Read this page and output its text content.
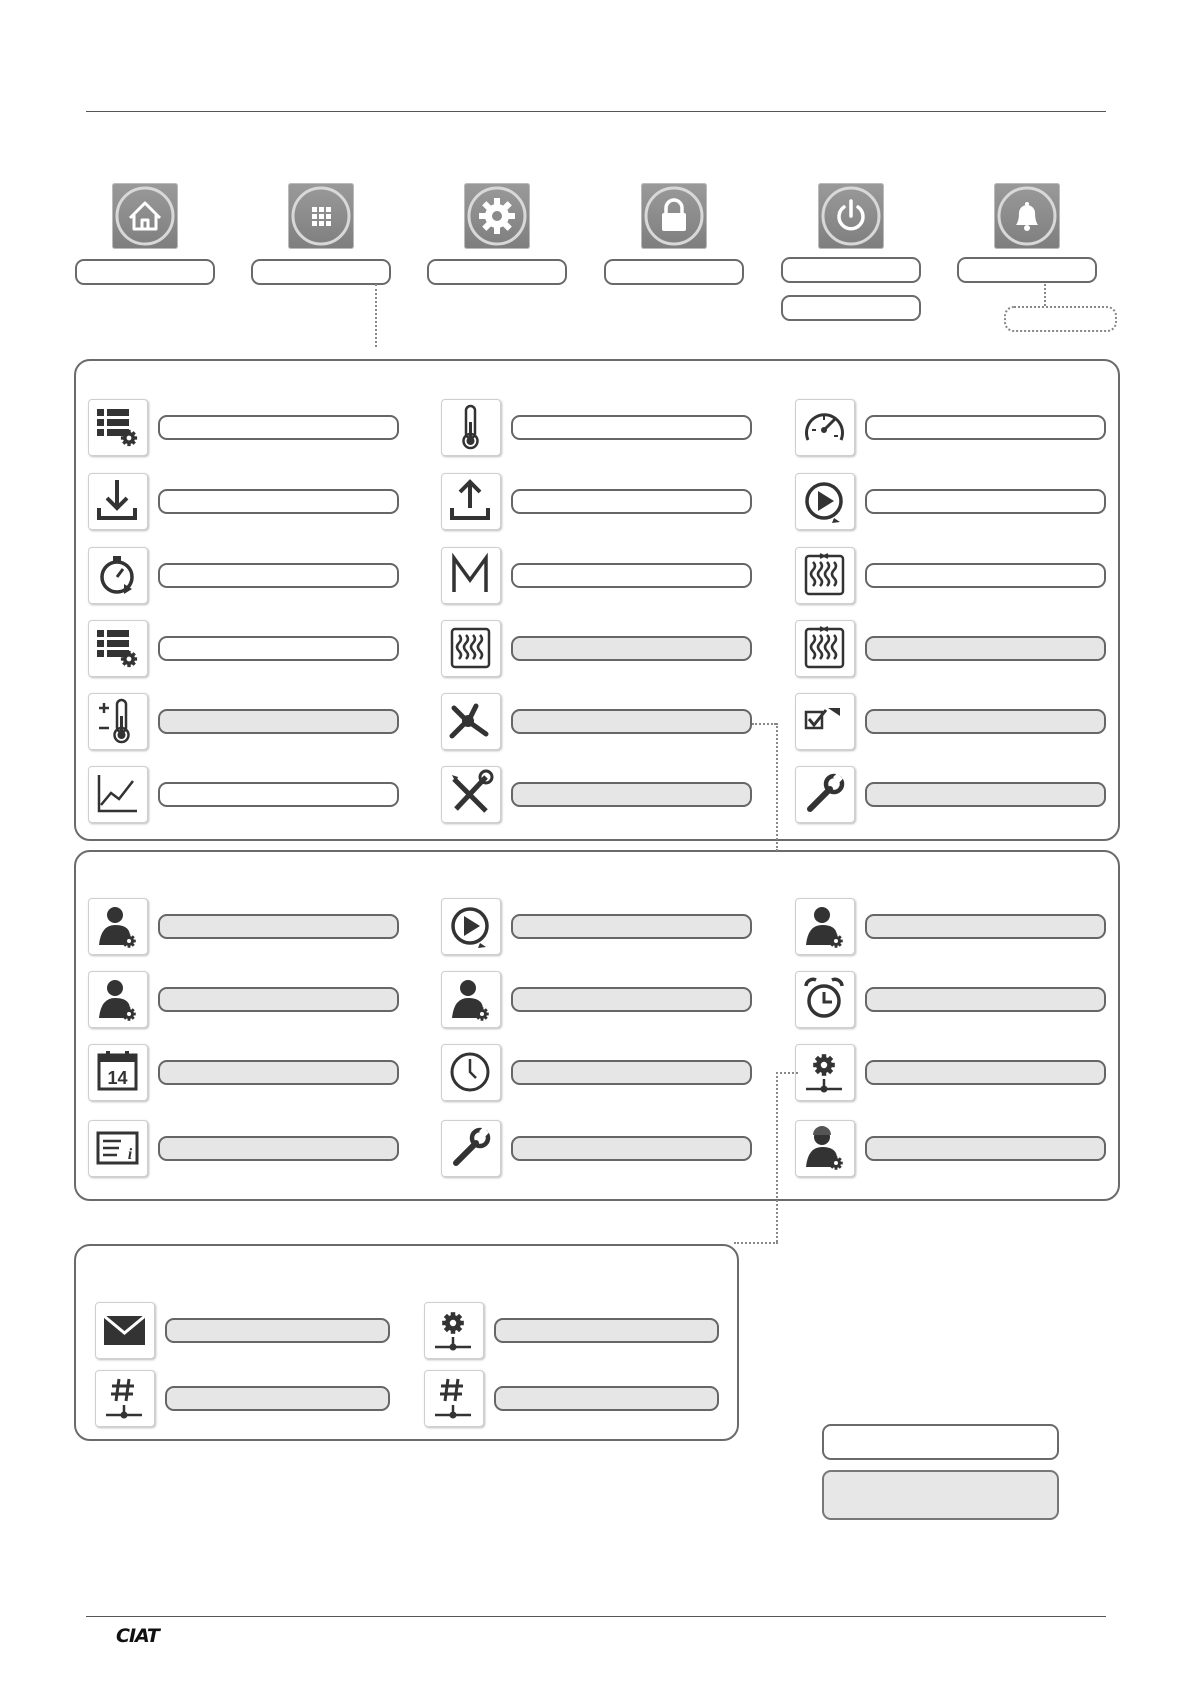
CIAT
14
i
